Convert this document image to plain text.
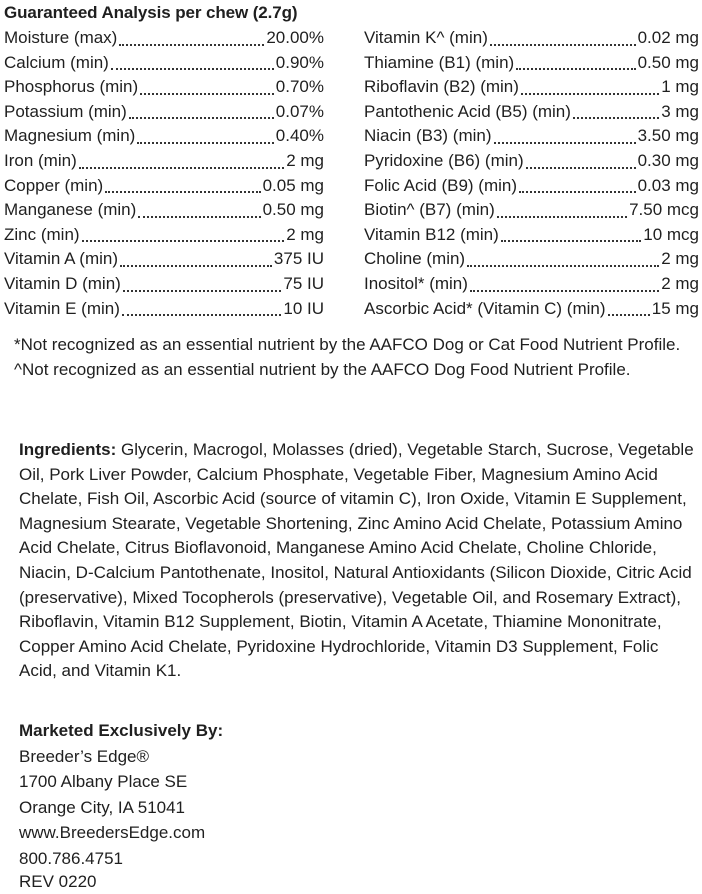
Guaranteed Analysis per chew (2.7g)
Moisture (max)	20.00%
Calcium (min)	0.90%
Phosphorus (min)	0.70%
Potassium (min)	0.07%
Magnesium (min)	0.40%
Iron (min)	2 mg
Copper (min)	0.05 mg
Manganese (min)	0.50 mg
Zinc (min)	2 mg
Vitamin A (min)	375 IU
Vitamin D (min)	75 IU
Vitamin E (min)	10 IU
Vitamin K^ (min)	0.02 mg
Thiamine (B1) (min)	0.50 mg
Riboflavin (B2) (min)	1 mg
Pantothenic Acid (B5) (min)	3 mg
Niacin (B3) (min)	3.50 mg
Pyridoxine (B6) (min)	0.30 mg
Folic Acid (B9) (min)	0.03 mg
Biotin^ (B7) (min)	7.50 mcg
Vitamin B12 (min)	10 mcg
Choline (min)	2 mg
Inositol* (min)	2 mg
Ascorbic Acid* (Vitamin C) (min)	15 mg
*Not recognized as an essential nutrient by the AAFCO Dog or Cat Food Nutrient Profile.
^Not recognized as an essential nutrient by the AAFCO Dog Food Nutrient Profile.
Ingredients: Glycerin, Macrogol, Molasses (dried), Vegetable Starch, Sucrose, Vegetable Oil, Pork Liver Powder, Calcium Phosphate, Vegetable Fiber, Magnesium Amino Acid Chelate, Fish Oil, Ascorbic Acid (source of vitamin C), Iron Oxide, Vitamin E Supplement, Magnesium Stearate, Vegetable Shortening, Zinc Amino Acid Chelate, Potassium Amino Acid Chelate, Citrus Bioflavonoid, Manganese Amino Acid Chelate, Choline Chloride, Niacin, D-Calcium Pantothenate, Inositol, Natural Antioxidants (Silicon Dioxide, Citric Acid (preservative), Mixed Tocopherols (preservative), Vegetable Oil, and Rosemary Extract), Riboflavin, Vitamin B12 Supplement, Biotin, Vitamin A Acetate, Thiamine Mononitrate, Copper Amino Acid Chelate, Pyridoxine Hydrochloride, Vitamin D3 Supplement, Folic Acid, and Vitamin K1.
Marketed Exclusively By:
Breeder’s Edge®
1700 Albany Place SE
Orange City, IA 51041
www.BreedersEdge.com
800.786.4751
REV 0220
